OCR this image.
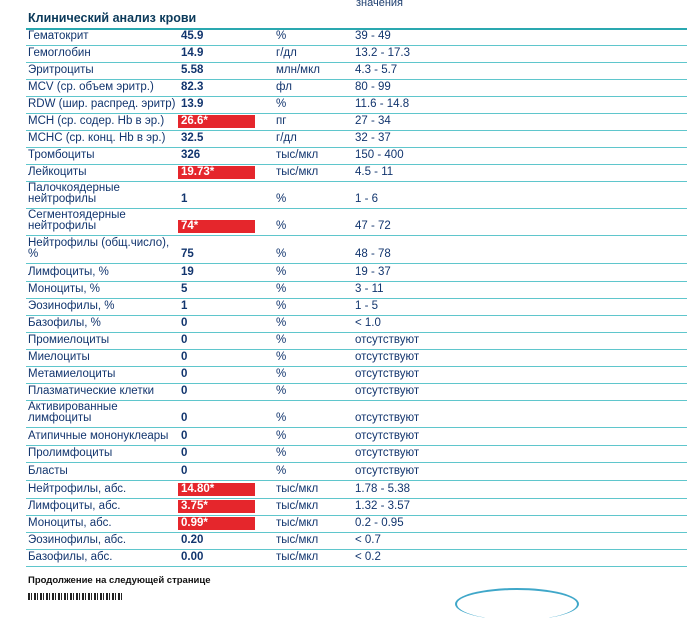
значения
Клинический анализ крови
Гематокрит	45.9	%	39 - 49
Гемоглобин	14.9	г/дл	13.2 - 17.3
Эритроциты	5.58	млн/мкл	4.3 - 5.7
MCV (ср. объем эритр.)	82.3	фл	80 - 99
RDW (шир. распред. эритр) 13.9	%	11.6 - 14.8
MCH (ср. содер. Hb в эр.)	26.6*	пг	27 - 34
MCHC (ср. конц. Hb в эр.)	32.5	г/дл	32 - 37
Тромбоциты	326	тыс/мкл	150 - 400
Лейкоциты	19.73*	тыс/мкл	4.5 - 11
Палочкоядерные нейтрофилы	1	%	1 - 6
Сегментоядерные нейтрофилы	74*	%	47 - 72
Нейтрофилы (общ.число), %	75	%	48 - 78
Лимфоциты, %	19	%	19 - 37
Моноциты, %	5	%	3 - 11
Эозинофилы, %	1	%	1 - 5
Базофилы, %	0	%	< 1.0
Промиелоциты	0	%	отсутствуют
Миелоциты	0	%	отсутствуют
Метамиелоциты	0	%	отсутствуют
Плазматические клетки	0	%	отсутствуют
Активированные лимфоциты	0	%	отсутствуют
Атипичные мононуклеары	0	%	отсутствуют
Пролимфоциты	0	%	отсутствуют
Бласты	0	%	отсутствуют
Нейтрофилы, абс.	14.80*	тыс/мкл	1.78 - 5.38
Лимфоциты, абс.	3.75*	тыс/мкл	1.32 - 3.57
Моноциты, абс.	0.99*	тыс/мкл	0.2 - 0.95
Эозинофилы, абс.	0.20	тыс/мкл	< 0.7
Базофилы, абс.	0.00	тыс/мкл	< 0.2
Продолжение на следующей странице
